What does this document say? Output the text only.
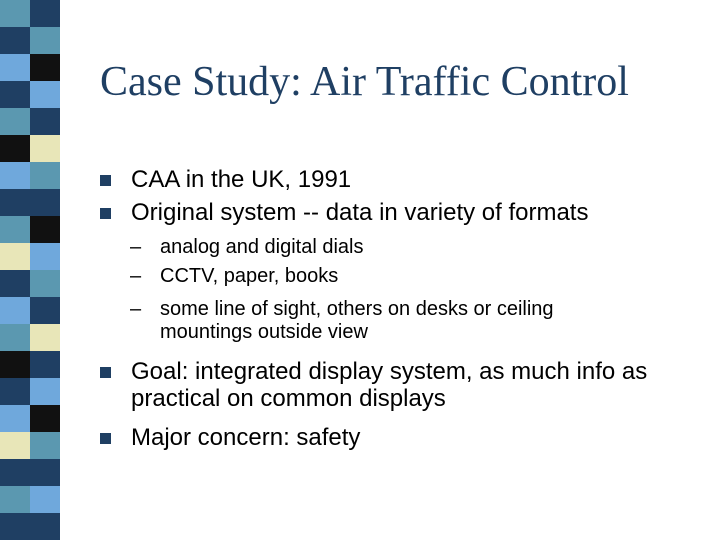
Case Study: Air Traffic Control
CAA in the UK, 1991
Original system -- data in variety of formats
– analog and digital dials
– CCTV, paper, books
– some line of sight, others on desks or ceiling mountings outside view
Goal: integrated display system, as much info as practical on common displays
Major concern: safety
